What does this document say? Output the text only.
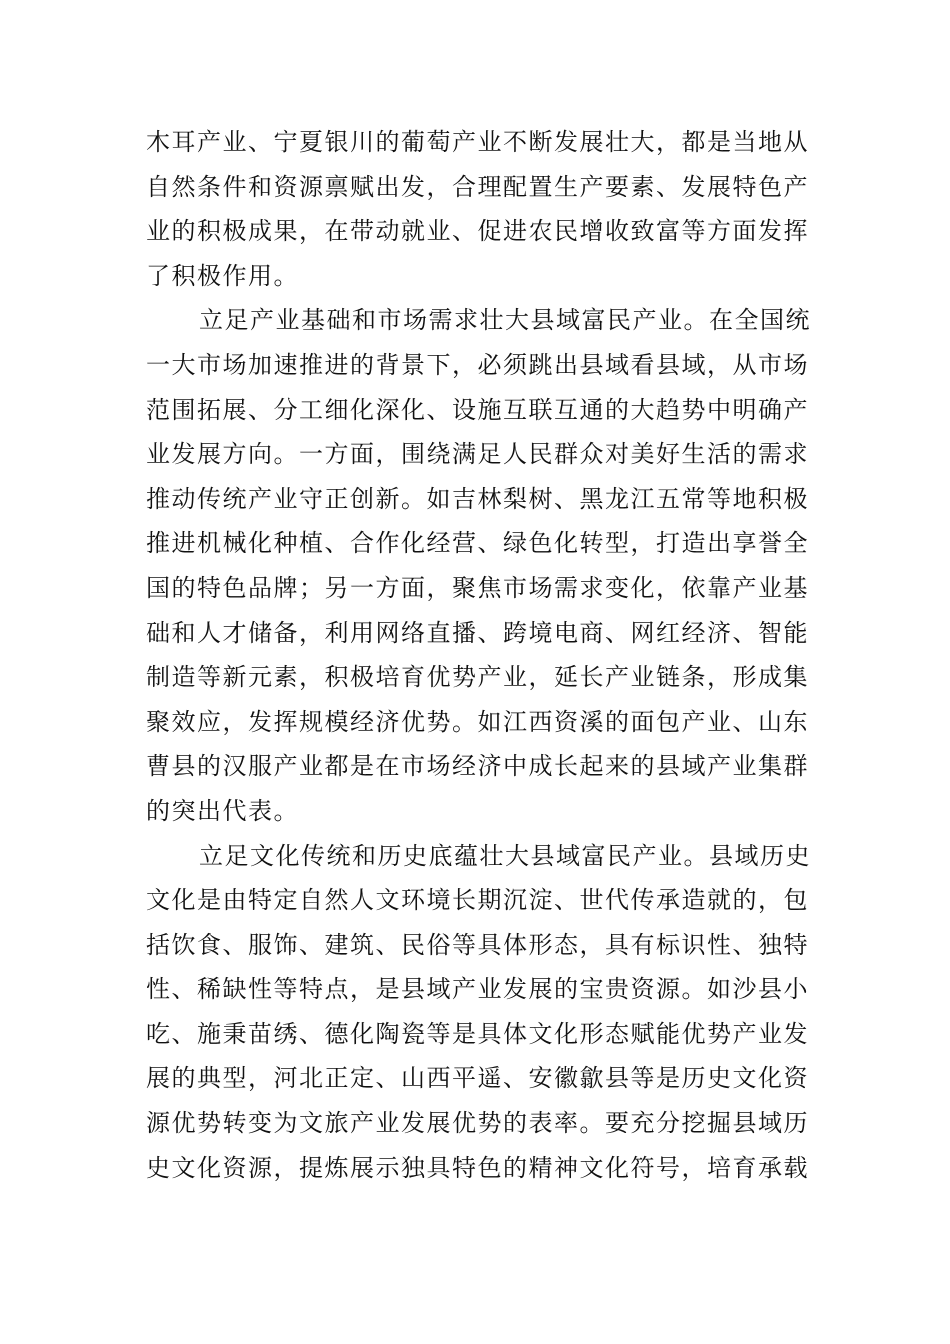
木耳产业、宁夏银川的葡萄产业不断发展壮大，都是当地从
自然条件和资源禀赋出发，合理配置生产要素、发展特色产
业的积极成果，在带动就业、促进农民增收致富等方面发挥
了积极作用。
立足产业基础和市场需求壮大县域富民产业。在全国统
一大市场加速推进的背景下，必须跳出县域看县域，从市场
范围拓展、分工细化深化、设施互联互通的大趋势中明确产
业发展方向。一方面，围绕满足人民群众对美好生活的需求
推动传统产业守正创新。如吉林梨树、黑龙江五常等地积极
推进机械化种植、合作化经营、绿色化转型，打造出享誉全
国的特色品牌；另一方面，聚焦市场需求变化，依靠产业基
础和人才储备，利用网络直播、跨境电商、网红经济、智能
制造等新元素，积极培育优势产业，延长产业链条，形成集
聚效应，发挥规模经济优势。如江西资溪的面包产业、山东
曹县的汉服产业都是在市场经济中成长起来的县域产业集群
的突出代表。
立足文化传统和历史底蕴壮大县域富民产业。县域历史
文化是由特定自然人文环境长期沉淀、世代传承造就的，包
括饮食、服饰、建筑、民俗等具体形态，具有标识性、独特
性、稀缺性等特点，是县域产业发展的宝贵资源。如沙县小
吃、施秉苗绣、德化陶瓷等是具体文化形态赋能优势产业发
展的典型，河北正定、山西平遥、安徽歙县等是历史文化资
源优势转变为文旅产业发展优势的表率。要充分挖掘县域历
史文化资源，提炼展示独具特色的精神文化符号，培育承载
